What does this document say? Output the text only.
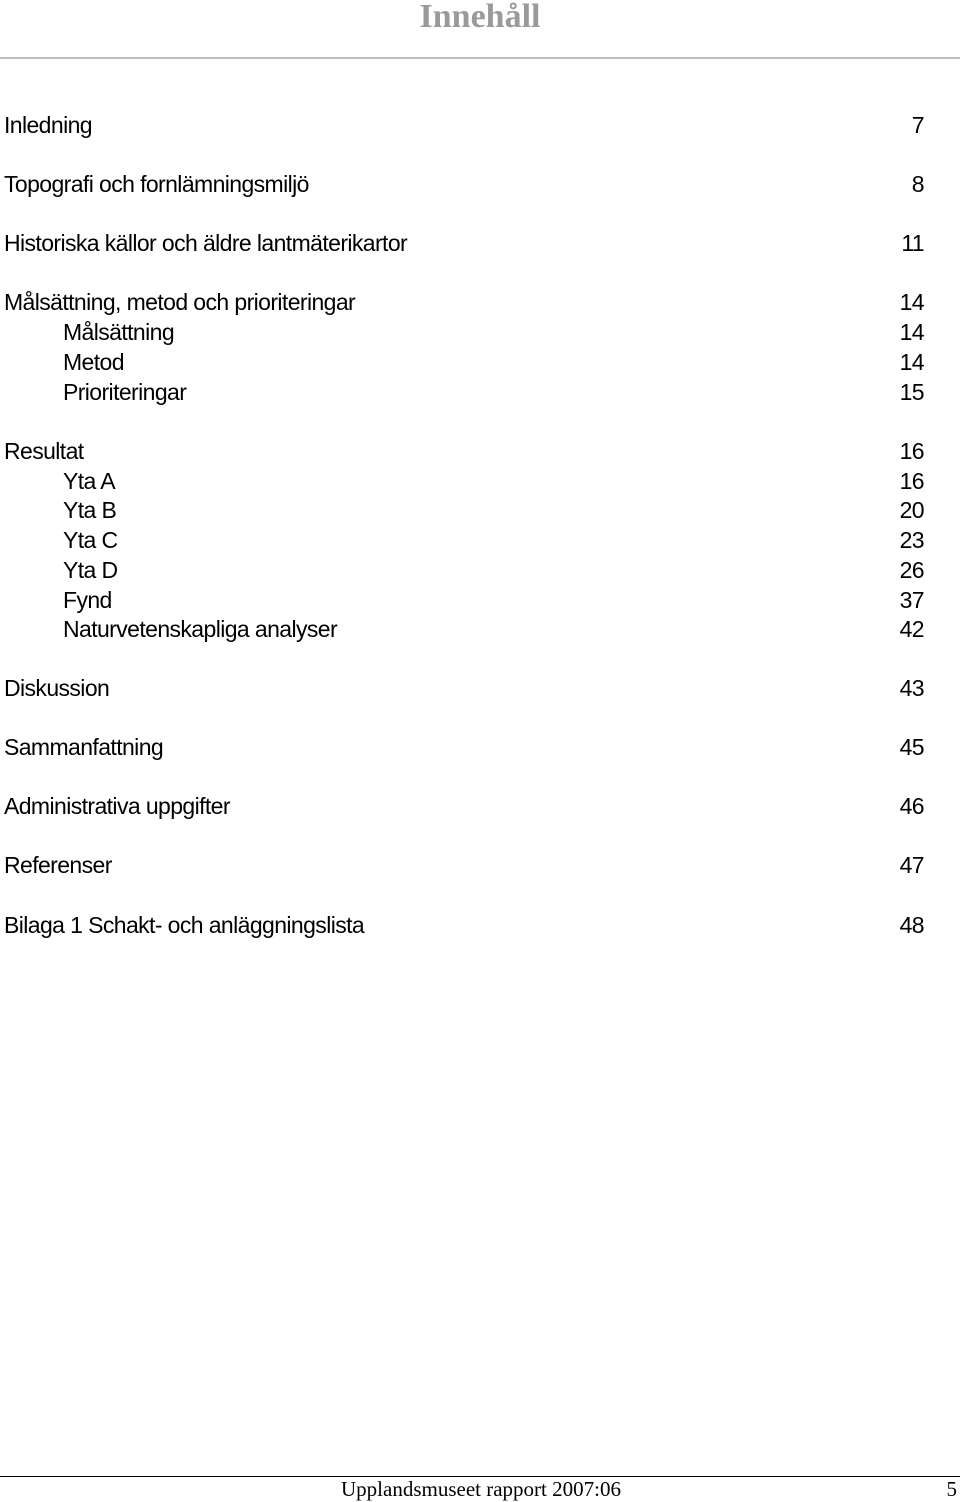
Innehåll
Inledning	7
Topografi och fornlämningsmiljö	8
Historiska källor och äldre lantmäterikartor	11
Målsättning, metod och prioriteringar	14
Målsättning	14
Metod	14
Prioriteringar	15
Resultat	16
Yta A	16
Yta B	20
Yta C	23
Yta D	26
Fynd	37
Naturvetenskapliga analyser	42
Diskussion	43
Sammanfattning	45
Administrativa uppgifter	46
Referenser	47
Bilaga 1 Schakt- och anläggningslista	48
Upplandsmuseet rapport 2007:06	5
